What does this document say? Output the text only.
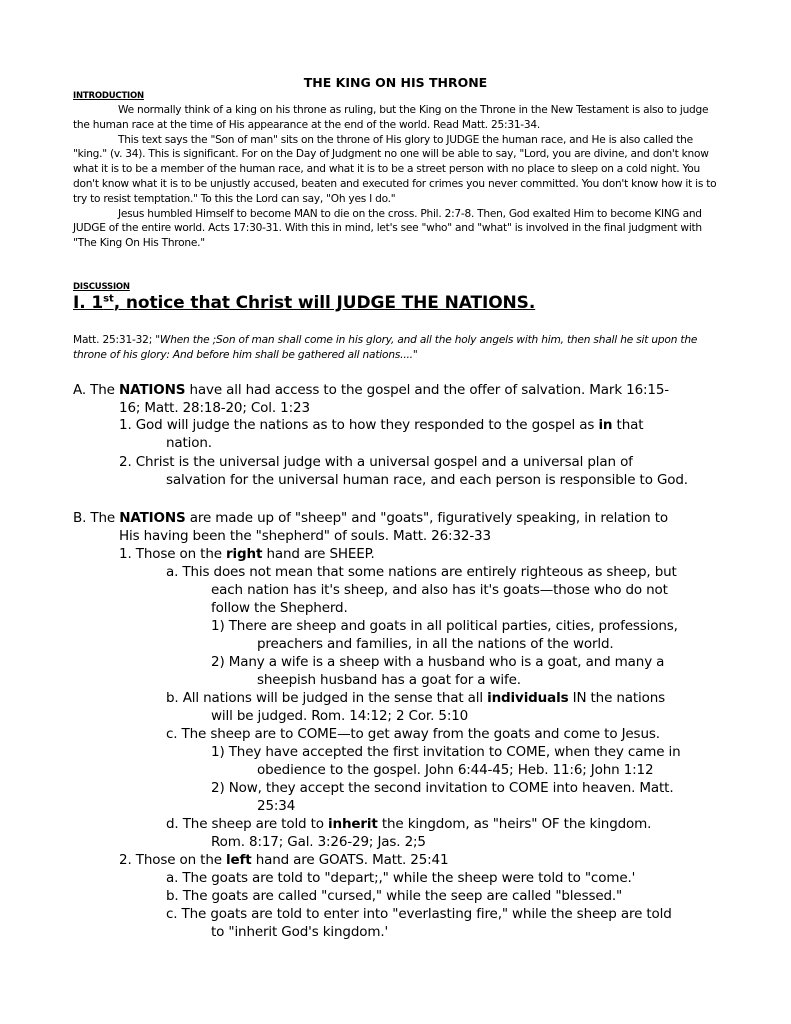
THE KING ON HIS THRONE
INTRODUCTION

We normally think of a king on his throne as ruling, but the King on the Throne in the New Testament is also to judge the human race at the time of His appearance at the end of the world. Read Matt. 25:31-34.

This text says the "Son of man" sits on the throne of His glory to JUDGE the human race, and He is also called the "king." (v. 34). This is significant. For on the Day of Judgment no one will be able to say, "Lord, you are divine, and don't know what it is to be a member of the human race, and what it is to be a street person with no place to sleep on a cold night. You don't know what it is to be unjustly accused, beaten and executed for crimes you never committed. You don't know how it is to try to resist temptation." To this the Lord can say, "Oh yes I do."

Jesus humbled Himself to become MAN to die on the cross. Phil. 2:7-8. Then, God exalted Him to become KING and JUDGE of the entire world. Acts 17:30-31. With this in mind, let's see "who" and "what" is involved in the final judgment with "The King On His Throne."

DISCUSSION
I. 1st, notice that Christ will JUDGE THE NATIONS.
Matt. 25:31-32; "When the ;Son of man shall come in his glory, and all the holy angels with him, then shall he sit upon the throne of his glory: And before him shall be gathered all nations...."
A. The NATIONS have all had access to the gospel and the offer of salvation. Mark 16:15-
16; Matt. 28:18-20; Col. 1:23
1. God will judge the nations as to how they responded to the gospel as in that
nation.
2. Christ is the universal judge with a universal gospel and a universal plan of
salvation for the universal human race, and each person is responsible to God.
B. The NATIONS are made up of "sheep" and "goats", figuratively speaking, in relation to
His having been the "shepherd" of souls. Matt. 26:32-33
1. Those on the right hand are SHEEP.
a. This does not mean that some nations are entirely righteous as sheep, but
each nation has it's sheep, and also has it's goats—those who do not
follow the Shepherd.
1) There are sheep and goats in all political parties, cities, professions,
preachers and families, in all the nations of the world.
2) Many a wife is a sheep with a husband who is a goat, and many a
sheepish husband has a goat for a wife.
b. All nations will be judged in the sense that all individuals IN the nations
will be judged. Rom. 14:12; 2 Cor. 5:10
c. The sheep are to COME—to get away from the goats and come to Jesus.
1) They have accepted the first invitation to COME, when they came in
obedience to the gospel. John 6:44-45; Heb. 11:6; John 1:12
2) Now, they accept the second invitation to COME into heaven. Matt.
25:34
d. The sheep are told to inherit the kingdom, as "heirs" OF the kingdom.
Rom. 8:17; Gal. 3:26-29; Jas. 2;5
2. Those on the left hand are GOATS. Matt. 25:41
a. The goats are told to "depart;," while the sheep were told to "come.'
b. The goats are called "cursed," while the seep are called "blessed."
c. The goats are told to enter into "everlasting fire," while the sheep are told
to "inherit God's kingdom.'
